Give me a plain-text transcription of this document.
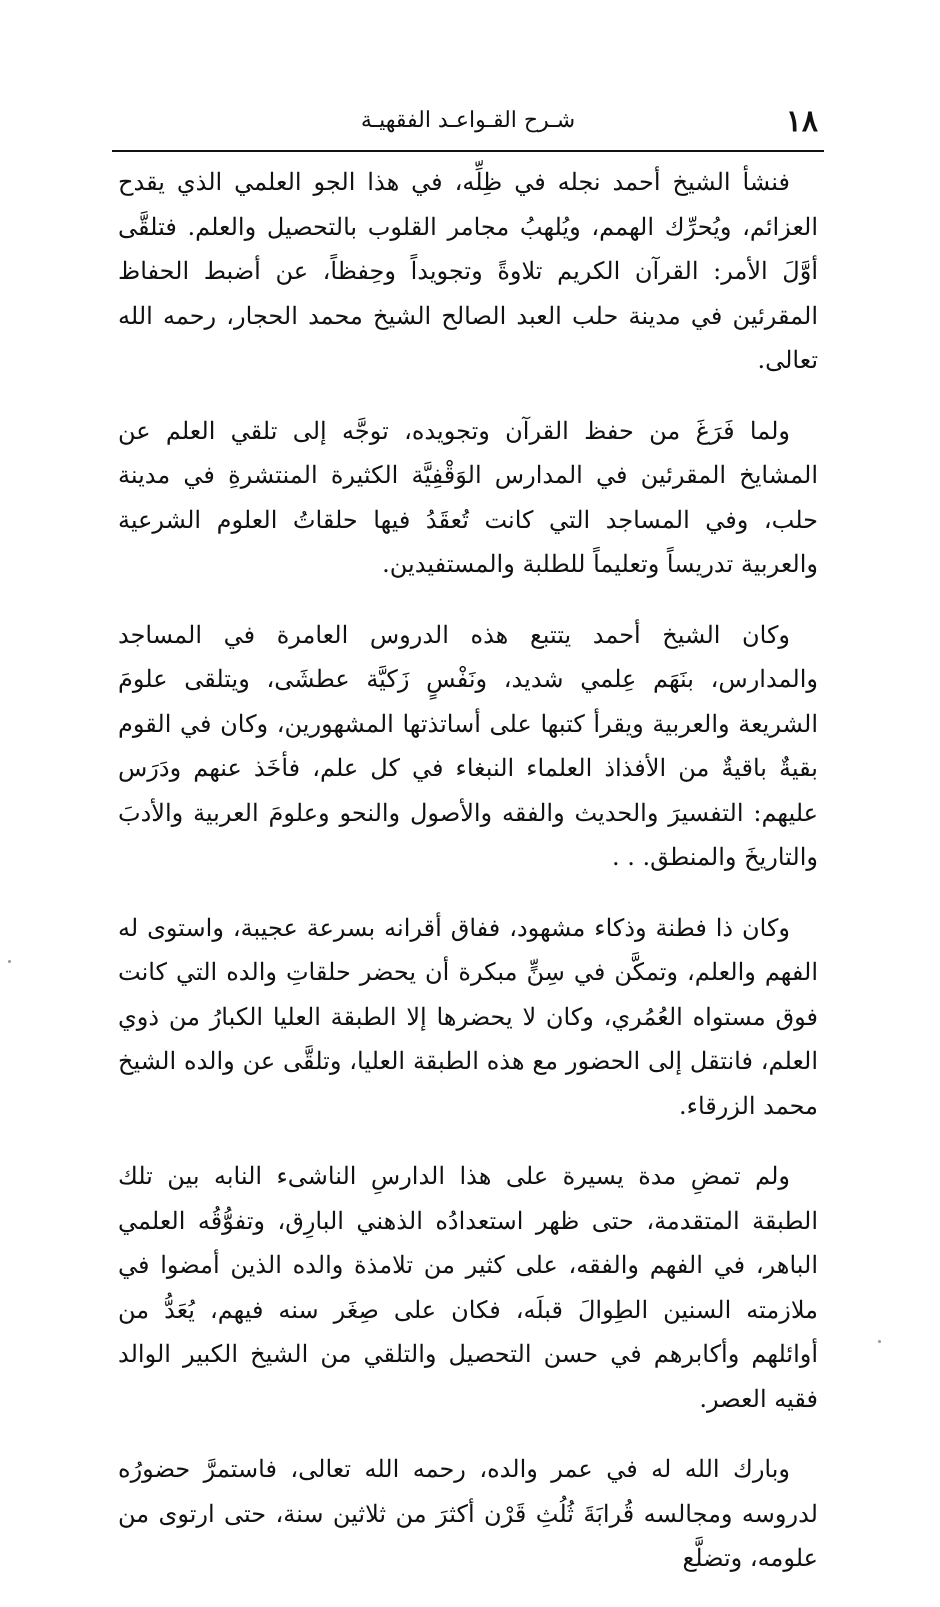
١٨
شـرح القـواعـد الفقهيـة

فنشأ الشيخ أحمد نجله في ظِلِّه، في هذا الجو العلمي الذي يقدح العزائم، ويُحرِّك الهمم، ويُلهبُ مجامر القلوب بالتحصيل والعلم. فتلقَّى أوَّلَ الأمر: القرآن الكريم تلاوةً وتجويداً وحِفظاً، عن أضبط الحفاظ المقرئين في مدينة حلب العبد الصالح الشيخ محمد الحجار، رحمه الله تعالى.

ولما فَرَغَ من حفظ القرآن وتجويده، توجَّه إلى تلقي العلم عن المشايخ المقرئين في المدارس الوَقْفِيَّة الكثيرة المنتشرةِ في مدينة حلب، وفي المساجد التي كانت تُعقَدُ فيها حلقاتُ العلوم الشرعية والعربية تدريساً وتعليماً للطلبة والمستفيدين.

وكان الشيخ أحمد يتتبع هذه الدروس العامرة في المساجد والمدارس، بنَهَم عِلمي شديد، ونَفْسٍ زَكيَّة عطشَى، ويتلقى علومَ الشريعة والعربية ويقرأ كتبها على أساتذتها المشهورين، وكان في القوم بقيةٌ باقيةٌ من الأفذاذ العلماء النبغاء في كل علم، فأخَذ عنهم ودَرَس عليهم: التفسيرَ والحديث والفقه والأصول والنحو وعلومَ العربية والأدبَ والتاريخَ والمنطق. . .

وكان ذا فطنة وذكاء مشهود، ففاق أقرانه بسرعة عجيبة، واستوى له الفهم والعلم، وتمكَّن في سِنٍّ مبكرة أن يحضر حلقاتِ والده التي كانت فوق مستواه العُمُري، وكان لا يحضرها إلا الطبقة العليا الكبارُ من ذوي العلم، فانتقل إلى الحضور مع هذه الطبقة العليا، وتلقَّى عن والده الشيخ محمد الزرقاء.

ولم تمضِ مدة يسيرة على هذا الدارسِ الناشىء النابه بين تلك الطبقة المتقدمة، حتى ظهر استعدادُه الذهني البارِق، وتفوُّقُه العلمي الباهر، في الفهم والفقه، على كثير من تلامذة والده الذين أمضوا في ملازمته السنين الطِوالَ قبلَه، فكان على صِغَر سنه فيهم، يُعَدُّ من أوائلهم وأكابرهم في حسن التحصيل والتلقي من الشيخ الكبير الوالد فقيه العصر.

وبارك الله له في عمر والده، رحمه الله تعالى، فاستمرَّ حضورُه لدروسه ومجالسه قُرابَةَ ثُلُثِ قَرْن أكثرَ من ثلاثين سنة، حتى ارتوى من علومه، وتضلَّع
